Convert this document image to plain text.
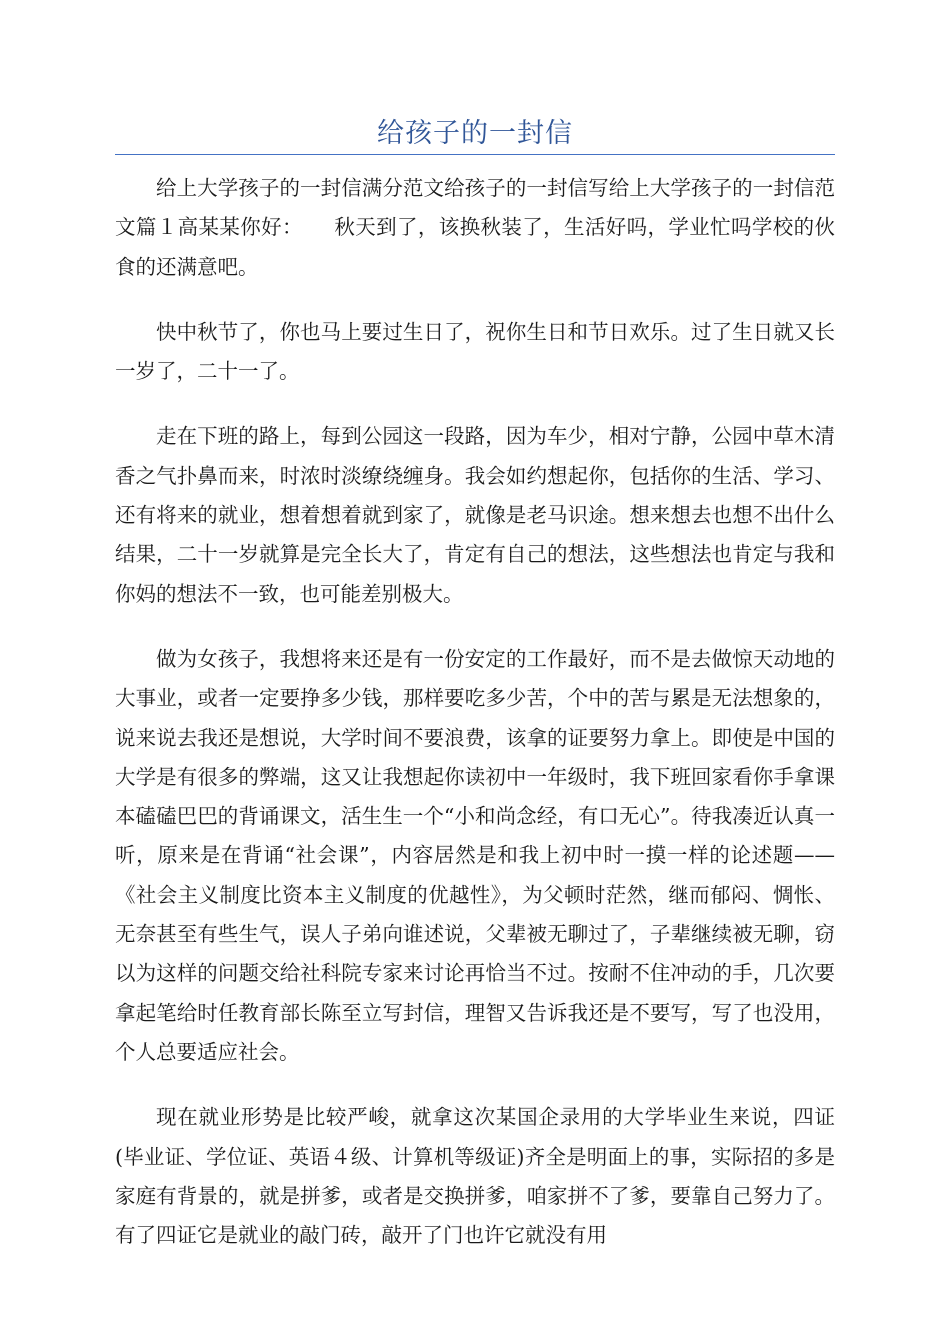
给孩子的一封信

给上大学孩子的一封信满分范文给孩子的一封信写给上大学孩子的一封信范文篇１高某某你好：　　秋天到了，该换秋装了，生活好吗，学业忙吗学校的伙食的还满意吧。

快中秋节了，你也马上要过生日了，祝你生日和节日欢乐。过了生日就又长一岁了，二十一了。

走在下班的路上，每到公园这一段路，因为车少，相对宁静，公园中草木清香之气扑鼻而来，时浓时淡缭绕缠身。我会如约想起你，包括你的生活、学习、还有将来的就业，想着想着就到家了，就像是老马识途。想来想去也想不出什么结果，二十一岁就算是完全长大了，肯定有自己的想法，这些想法也肯定与我和你妈的想法不一致，也可能差别极大。

做为女孩子，我想将来还是有一份安定的工作最好，而不是去做惊天动地的大事业，或者一定要挣多少钱，那样要吃多少苦，个中的苦与累是无法想象的，说来说去我还是想说，大学时间不要浪费，该拿的证要努力拿上。即使是中国的大学是有很多的弊端，这又让我想起你读初中一年级时，我下班回家看你手拿课本磕磕巴巴的背诵课文，活生生一个“小和尚念经，有口无心”。待我凑近认真一听，原来是在背诵“社会课”，内容居然是和我上初中时一摸一样的论述题——《社会主义制度比资本主义制度的优越性》，为父顿时茫然，继而郁闷、惆怅、无奈甚至有些生气，误人子弟向谁述说，父辈被无聊过了，子辈继续被无聊，窃以为这样的问题交给社科院专家来讨论再恰当不过。按耐不住冲动的手，几次要拿起笔给时任教育部长陈至立写封信，理智又告诉我还是不要写，写了也没用，个人总要适应社会。

现在就业形势是比较严峻，就拿这次某国企录用的大学毕业生来说，四证(毕业证、学位证、英语４级、计算机等级证)齐全是明面上的事，实际招的多是家庭有背景的，就是拼爹，或者是交换拼爹，咱家拼不了爹，要靠自己努力了。有了四证它是就业的敲门砖，敲开了门也许它就没有用
